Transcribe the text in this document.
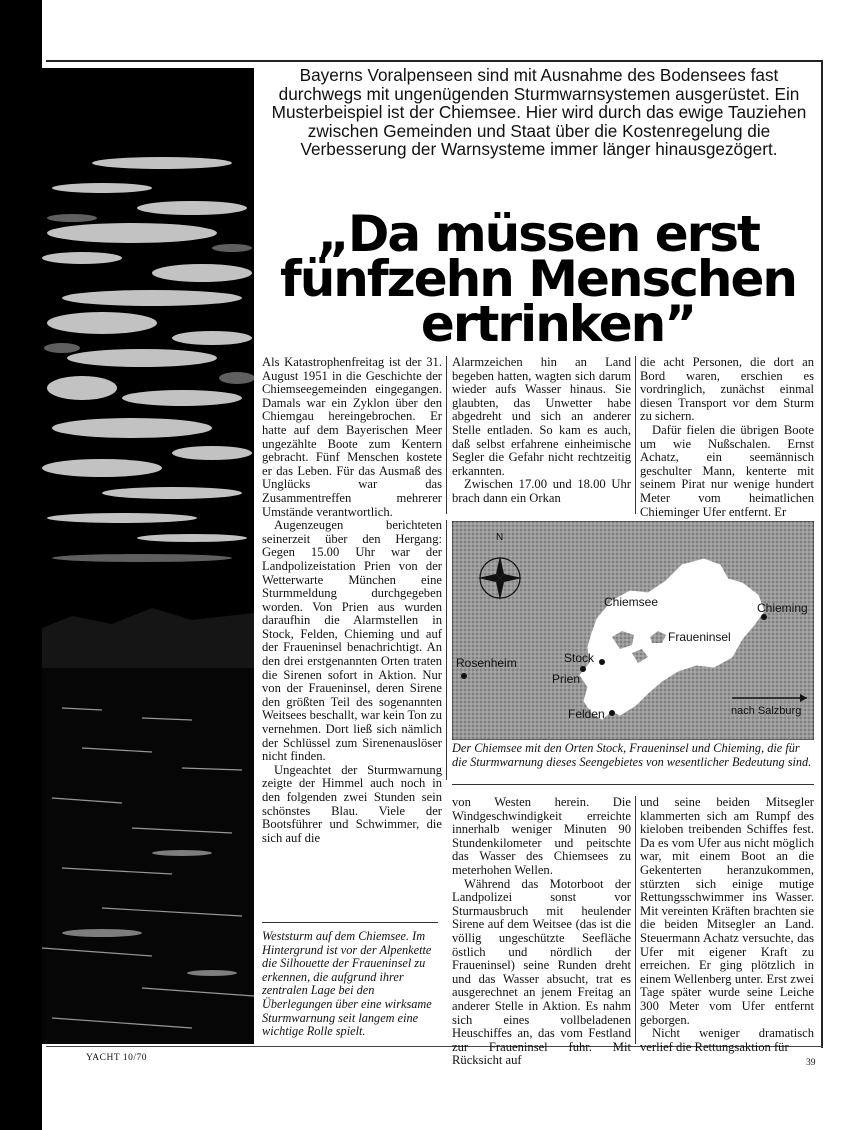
Bayerns Voralpenseen sind mit Ausnahme des Bodensees fast durchwegs mit ungenügenden Sturmwarnsystemen ausgerüstet. Ein Musterbeispiel ist der Chiemsee. Hier wird durch das ewige Tauziehen zwischen Gemeinden und Staat über die Kostenregelung die Verbesserung der Warnsysteme immer länger hinausgezögert.
„Da müssen erst
fünfzehn Menschen
ertrinken”

Als Katastrophenfreitag ist der 31. August 1951 in die Geschichte der Chiemseegemeinden eingegangen. Damals war ein Zyklon über den Chiemgau hereingebrochen. Er hatte auf dem Bayerischen Meer ungezählte Boote zum Kentern gebracht. Fünf Menschen kostete er das Leben. Für das Ausmaß des Unglücks war das Zusammentreffen mehrerer Umstände verantwortlich.

Augenzeugen berichteten seinerzeit über den Hergang: Gegen 15.00 Uhr war der Landpolizeistation Prien von der Wetterwarte München eine Sturmmeldung durchgegeben worden. Von Prien aus wurden daraufhin die Alarmstellen in Stock, Felden, Chieming und auf der Fraueninsel benachrichtigt. An den drei erstgenannten Orten traten die Sirenen sofort in Aktion. Nur von der Fraueninsel, deren Sirene den größten Teil des sogenannten Weitsees beschallt, war kein Ton zu vernehmen. Dort ließ sich nämlich der Schlüssel zum Sirenenauslöser nicht finden.

Ungeachtet der Sturmwarnung zeigte der Himmel auch noch in den folgenden zwei Stunden sein schönstes Blau. Viele der Bootsführer und Schwimmer, die sich auf die

Alarmzeichen hin an Land begeben hatten, wagten sich darum wieder aufs Wasser hinaus. Sie glaubten, das Unwetter habe abgedreht und sich an anderer Stelle entladen. So kam es auch, daß selbst erfahrene einheimische Segler die Gefahr nicht rechtzeitig erkannten.

Zwischen 17.00 und 18.00 Uhr brach dann ein Orkan

die acht Personen, die dort an Bord waren, erschien es vordringlich, zunächst einmal diesen Transport vor dem Sturm zu sichern.

Dafür fielen die übrigen Boote um wie Nußschalen. Ernst Achatz, ein seemännisch geschulter Mann, kenterte mit seinem Pirat nur wenige hundert Meter vom heimatlichen Chieminger Ufer entfernt. Er

N
Chiemsee	Chieming
Fraueninsel
Rosenheim	Stock
Prien
Felden	nach Salzburg
Der Chiemsee mit den Orten Stock, Fraueninsel und Chieming, die für die Sturmwarnung dieses Seengebietes von wesentlicher Bedeutung sind.

von Westen herein. Die Windgeschwindigkeit erreichte innerhalb weniger Minuten 90 Stundenkilometer und peitschte das Wasser des Chiemsees zu meterhohen Wellen.

Während das Motorboot der Landpolizei sonst vor Sturmausbruch mit heulender Sirene auf dem Weitsee (das ist die völlig ungeschützte Seefläche östlich und nördlich der Fraueninsel) seine Runden dreht und das Wasser absucht, trat es ausgerechnet an jenem Freitag an anderer Stelle in Aktion. Es nahm sich eines vollbeladenen Heuschiffes an, das vom Festland zur Fraueninsel fuhr. Mit Rücksicht auf

und seine beiden Mitsegler klammerten sich am Rumpf des kieloben treibenden Schiffes fest. Da es vom Ufer aus nicht möglich war, mit einem Boot an die Gekenterten heranzukommen, stürzten sich einige mutige Rettungsschwimmer ins Wasser. Mit vereinten Kräften brachten sie die beiden Mitsegler an Land. Steuermann Achatz versuchte, das Ufer mit eigener Kraft zu erreichen. Er ging plötzlich in einem Wellenberg unter. Erst zwei Tage später wurde seine Leiche 300 Meter vom Ufer entfernt geborgen.

Nicht weniger dramatisch verlief die Rettungsaktion für

Weststurm auf dem Chiemsee. Im Hintergrund ist vor der Alpenkette die Silhouette der Fraueninsel zu erkennen, die aufgrund ihrer zentralen Lage bei den Überlegungen über eine wirksame Sturmwarnung seit langem eine wichtige Rolle spielt.
YACHT 10/70	39
